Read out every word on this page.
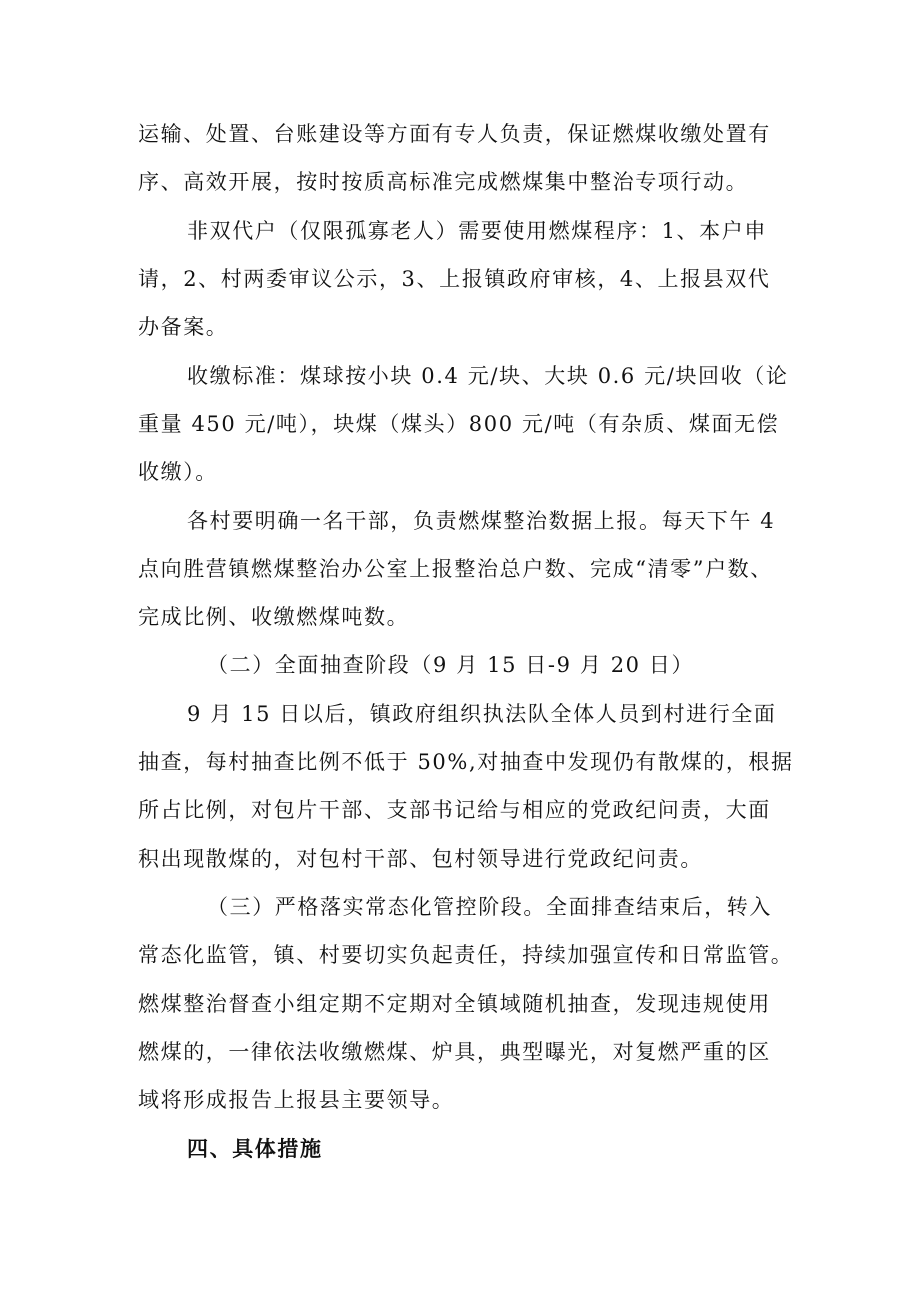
运输、处置、台账建设等方面有专人负责，保证燃煤收缴处置有
序、高效开展，按时按质高标准完成燃煤集中整治专项行动。
非双代户（仅限孤寡老人）需要使用燃煤程序：1、本户申
请，2、村两委审议公示，3、上报镇政府审核，4、上报县双代
办备案。
收缴标准：煤球按小块 0.4 元/块、大块 0.6 元/块回收（论
重量 450 元/吨），块煤（煤头）800 元/吨（有杂质、煤面无偿
收缴）。
各村要明确一名干部，负责燃煤整治数据上报。每天下午 4
点向胜营镇燃煤整治办公室上报整治总户数、完成“清零”户数、
完成比例、收缴燃煤吨数。
（二）全面抽查阶段（9 月 15 日-9 月 20 日）
9 月 15 日以后，镇政府组织执法队全体人员到村进行全面
抽查，每村抽查比例不低于 50%,对抽查中发现仍有散煤的，根据
所占比例，对包片干部、支部书记给与相应的党政纪问责，大面
积出现散煤的，对包村干部、包村领导进行党政纪问责。
（三）严格落实常态化管控阶段。全面排查结束后，转入
常态化监管，镇、村要切实负起责任，持续加强宣传和日常监管。
燃煤整治督查小组定期不定期对全镇域随机抽查，发现违规使用
燃煤的，一律依法收缴燃煤、炉具，典型曝光，对复燃严重的区
域将形成报告上报县主要领导。
四、具体措施
